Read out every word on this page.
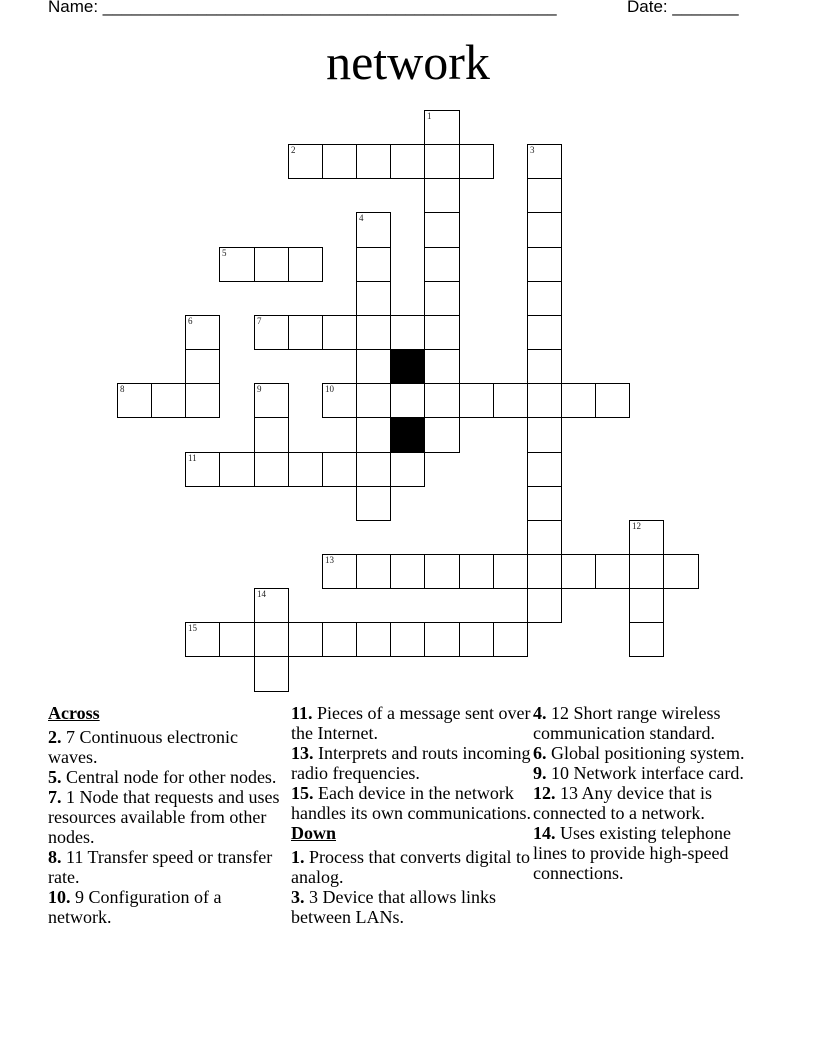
Name: ________________________________________________	Date: _______
network
1
2	3
4
5
6	7
8	9	10
11
12
13
14
15
Across
2. 7 Continuous electronic waves.
5. Central node for other nodes.
7. 1 Node that requests and uses resources available from other nodes.
8. 11 Transfer speed or transfer rate.
10. 9 Configuration of a network.
11. Pieces of a message sent over the Internet.
13. Interprets and routs incoming radio frequencies.
15. Each device in the network handles its own communications.
Down
1. Process that converts digital to analog.
3. 3 Device that allows links between LANs.
4. 12 Short range wireless communication standard.
6. Global positioning system.
9. 10 Network interface card.
12. 13 Any device that is connected to a network.
14. Uses existing telephone lines to provide high-speed connections.
